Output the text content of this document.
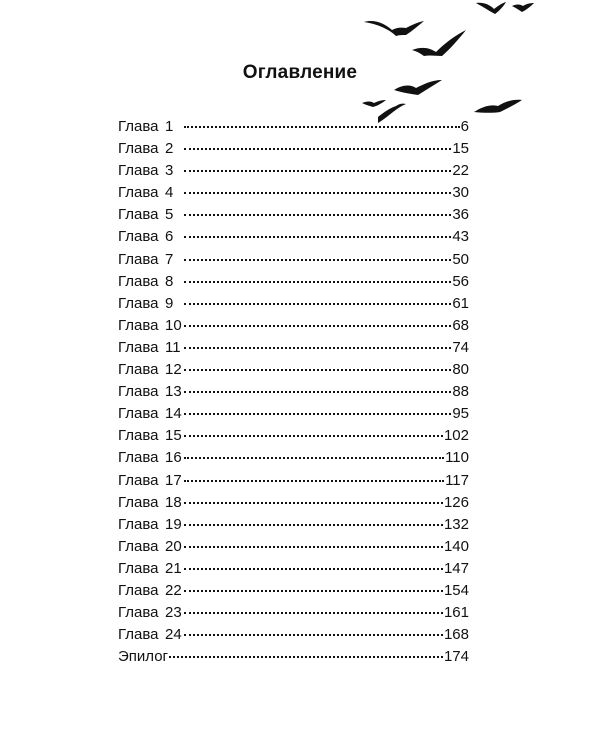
Оглавление
Глава 1	6
Глава 2	15
Глава 3	22
Глава 4	30
Глава 5	36
Глава 6	43
Глава 7	50
Глава 8	56
Глава 9	61
Глава 10	68
Глава 11	74
Глава 12	80
Глава 13	88
Глава 14	95
Глава 15	102
Глава 16	110
Глава 17	117
Глава 18	126
Глава 19	132
Глава 20	140
Глава 21	147
Глава 22	154
Глава 23	161
Глава 24	168
Эпилог	174
